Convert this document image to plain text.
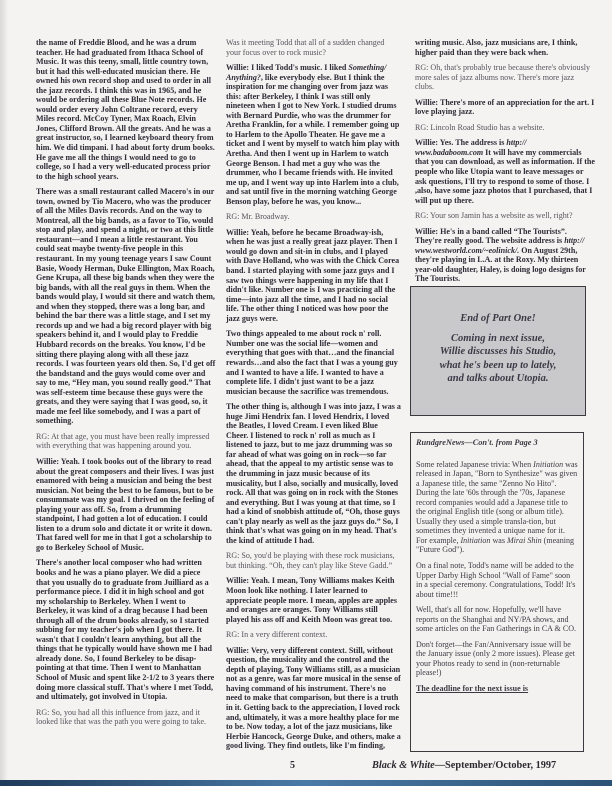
the name of Freddie Blood, and he was a drum teacher. He had graduated from Ithaca School of Music. It was this teeny, small, little country town, but it had this well-educated musician there. He owned his own record shop and used to order in all the jazz records. I think this was in 1965, and he would be ordering all these Blue Note records. He would order every John Coltrane record, every Miles record. McCoy Tyner, Max Roach, Elvin Jones, Clifford Brown. All the greats. And he was a great instructor, so, I learned keyboard theory from him. We did timpani. I had about forty drum books. He gave me all the things I would need to go to college, so I had a very well-educated process prior to the high school years.

There was a small restaurant called Macero's in our town, owned by Tio Macero, who was the producer of all the Miles Davis records. And on the way to Montreal, all the big bands, as a favor to Tio, would stop and play, and spend a night, or two at this little restaurant—and I mean a little restaurant. You could seat maybe twenty-five people in this restaurant. In my young teenage years I saw Count Basie, Woody Herman, Duke Ellington, Max Roach, Gene Krupa, all these big bands when they were the big bands, with all the real guys in them. When the bands would play, I would sit there and watch them, and when they stopped, there was a long bar, and behind the bar there was a little stage, and I set my records up and we had a big record player with big speakers behind it, and I would play to Freddie Hubbard records on the breaks. You know, I'd be sitting there playing along with all these jazz records. I was fourteen years old then. So, I'd get off the bandstand and the guys would come over and say to me, “Hey man, you sound really good.” That was self-esteem time because these guys were the greats, and they were saying that I was good, so, it made me feel like somebody, and I was a part of something.

RG: At that age, you must have been really impressed with everything that was happening around you.

Willie: Yeah. I took books out of the library to read about the great composers and their lives. I was just enamored with being a musician and being the best musician. Not being the best to be famous, but to be consummate was my goal. I thrived on the feeling of playing your ass off. So, from a drumming standpoint, I had gotten a lot of education. I could listen to a drum solo and dictate it or write it down. That fared well for me in that I got a scholarship to go to Berkeley School of Music.

There's another local composer who had written books and he was a piano player. We did a piece that you usually do to graduate from Juilliard as a performance piece. I did it in high school and got my scholarship to Berkeley. When I went to Berkeley, it was kind of a drag because I had been through all of the drum books already, so I started subbing for my teacher's job when I got there. It wasn't that I couldn't learn anything, but all the things that he typically would have shown me I had already done. So, I found Berkeley to be disap-pointing at that time. Then I went to Manhattan School of Music and spent like 2-1/2 to 3 years there doing more classical stuff. That's where I met Todd, and ultimately, got involved in Utopia.

RG: So, you had all this influence from jazz, and it looked like that was the path you were going to take.

Was it meeting Todd that all of a sudden changed your focus over to rock music?

Willie: I liked Todd's music. I liked Something/ Anything?, like everybody else. But I think the inspiration for me changing over from jazz was this: after Berkeley, I think I was still only nineteen when I got to New York. I studied drums with Bernard Purdie, who was the drummer for Aretha Franklin, for a while. I remember going up to Harlem to the Apollo Theater. He gave me a ticket and I went by myself to watch him play with Aretha. And then I went up in Harlem to watch George Benson. I had met a guy who was the drummer, who I became friends with. He invited me up, and I went way up into Harlem into a club, and sat until five in the morning watching George Benson play, before he was, you know...

RG: Mr. Broadway.

Willie: Yeah, before he became Broadway-ish, when he was just a really great jazz player. Then I would go down and sit-in in clubs, and I played with Dave Holland, who was with the Chick Corea band. I started playing with some jazz guys and I saw two things were happening in my life that I didn't like. Number one is I was practicing all the time—into jazz all the time, and I had no social life. The other thing I noticed was how poor the jazz guys were.

Two things appealed to me about rock n' roll. Number one was the social life—women and everything that goes with that…and the financial rewards…and also the fact that I was a young guy and I wanted to have a life. I wanted to have a complete life. I didn't just want to be a jazz musician because the sacrifice was tremendous.

The other thing is, although I was into jazz, I was a huge Jimi Hendrix fan. I loved Hendrix, I loved the Beatles, I loved Cream. I even liked Blue Cheer. I listened to rock n' roll as much as I listened to jazz, but to me jazz drumming was so far ahead of what was going on in rock—so far ahead, that the appeal to my artistic sense was to the drumming in jazz music because of its musicality, but I also, socially and musically, loved rock. All that was going on in rock with the Stones and everything. But I was young at that time, so I had a kind of snobbish attitude of, “Oh, those guys can't play nearly as well as the jazz guys do.” So, I think that's what was going on in my head. That's the kind of attitude I had.

RG: So, you'd be playing with these rock musicians, but thinking. “Oh, they can't play like Steve Gadd.”

Willie: Yeah. I mean, Tony Williams makes Keith Moon look like nothing. I later learned to appreciate people more. I mean, apples are apples and oranges are oranges. Tony Williams still played his ass off and Keith Moon was great too.

RG: In a very different context.

Willie: Very, very different context. Still, without question, the musicality and the control and the depth of playing, Tony Williams still, as a musician not as a genre, was far more musical in the sense of having command of his instrument. There's no need to make that comparison, but there is a truth in it. Getting back to the appreciation, I loved rock and, ultimately, it was a more healthy place for me to be. Now today, a lot of the jazz musicians, like Herbie Hancock, George Duke, and others, make a good living. They find outlets, like I'm finding,

writing music. Also, jazz musicians are, I think, higher paid than they were back when.

RG: Oh, that's probably true because there's obviously more sales of jazz albums now. There's more jazz clubs.

Willie: There's more of an appreciation for the art. I love playing jazz.

RG: Lincoln Road Studio has a website.

Willie: Yes. The address is http:// www.badaboom.com It will have my commercials that you can download, as well as information. If the people who like Utopia want to leave messages or ask questions, I'll try to respond to some of those. I ,also, have some jazz photos that I purchased, that I will put up there.

RG: Your son Jamin has a website as well, right?

Willie: He's in a band called “The Tourists”. They're really good. The website address is http:// www.westworld.com/~eolinick/. On August 29th, they're playing in L.A. at the Roxy. My thirteen year-old daughter, Haley, is doing logo designs for The Tourists.

End of Part One!
Coming in next issue,
Willie discusses his Studio,
what he's been up to lately,
and talks about Utopia.
RundgreNews—Con't. from Page 3

Some related Japanese trivia: When Initiation was released in Japan, "Born to Synthesize" was given a Japanese title, the same "Zenno No Hito". During the late '60s through the '70s, Japanese record companies would add a Japanese title to the original English title (song or album title). Usually they used a simple transla-tion, but sometimes they invented a unique name for it. For example, Initiation was Mirai Shin (meaning "Future God").

On a final note, Todd's name will be added to the Upper Darby High School "Wall of Fame" soon in a special ceremony. Congratulations, Todd! It's about time!!!

Well, that's all for now. Hopefully, we'll have reports on the Shanghai and NY/PA shows, and some articles on the Fan Gatherings in CA & CO.

Don't forget—the Fan/Anniversary issue will be the January issue (only 2 more issues). Please get your Photos ready to send in (non-returnable please!)

The deadline for the next issue is

5	Black & White—September/October, 1997
